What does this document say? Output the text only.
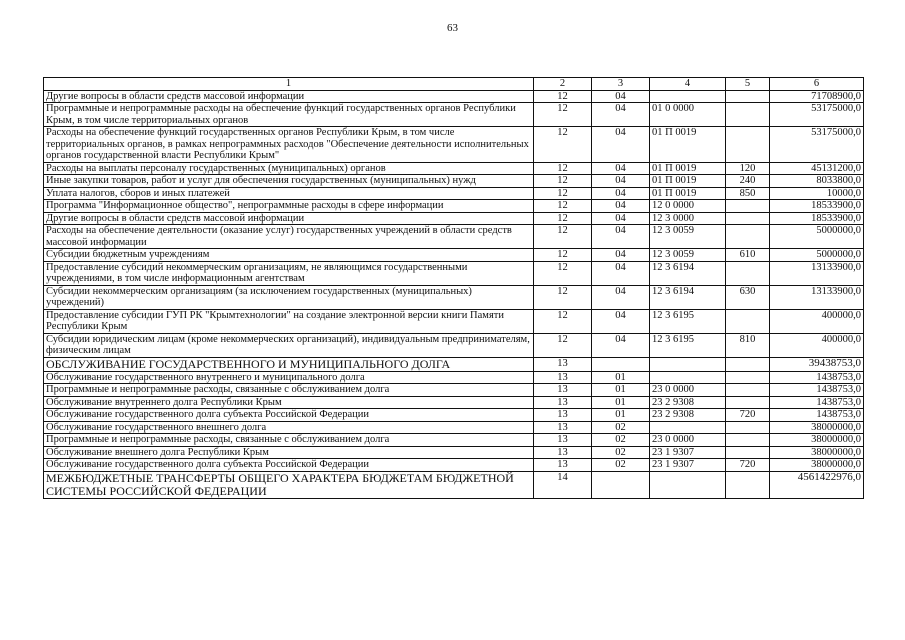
63
1	2	3	4	5	6
Другие вопросы в области средств массовой информации	12	04			71708900,0
Программные и непрограммные расходы на обеспечение функций государственных органов Республики Крым, в том числе территориальных органов	12	04	01 0 0000		53175000,0
Расходы на обеспечение функций государственных органов Республики Крым, в том числе территориальных органов, в рамках непрограммных расходов "Обеспечение деятельности исполнительных органов государственной власти Республики Крым"	12	04	01 П 0019		53175000,0
Расходы на выплаты персоналу государственных (муниципальных) органов	12	04	01 П 0019	120	45131200,0
Иные закупки товаров, работ и услуг для обеспечения государственных (муниципальных) нужд	12	04	01 П 0019	240	8033800,0
Уплата налогов, сборов и иных платежей	12	04	01 П 0019	850	10000,0
Программа "Информационное общество", непрограммные расходы в сфере информации	12	04	12 0 0000		18533900,0
Другие вопросы в области средств массовой информации	12	04	12 3 0000		18533900,0
Расходы на обеспечение деятельности (оказание услуг) государственных учреждений в области средств массовой информации	12	04	12 3 0059		5000000,0
Субсидии бюджетным учреждениям	12	04	12 3 0059	610	5000000,0
Предоставление субсидий некоммерческим организациям, не являющимся государственными учреждениями, в том числе информационным агентствам	12	04	12 3 6194		13133900,0
Субсидии некоммерческим организациям (за исключением государственных (муниципальных) учреждений)	12	04	12 3 6194	630	13133900,0
Предоставление субсидии ГУП РК "Крымтехнологии" на создание электронной версии книги Памяти Республики Крым	12	04	12 3 6195		400000,0
Субсидии юридическим лицам (кроме некоммерческих организаций), индивидуальным предпринимателям, физическим лицам	12	04	12 3 6195	810	400000,0
ОБСЛУЖИВАНИЕ ГОСУДАРСТВЕННОГО И МУНИЦИПАЛЬНОГО ДОЛГА	13				39438753,0
Обслуживание государственного внутреннего и муниципального долга	13	01			1438753,0
Программные и непрограммные расходы, связанные с обслуживанием долга	13	01	23 0 0000		1438753,0
Обслуживание внутреннего долга Республики Крым	13	01	23 2 9308		1438753,0
Обслуживание государственного долга субъекта Российской Федерации	13	01	23 2 9308	720	1438753,0
Обслуживание государственного внешнего долга	13	02			38000000,0
Программные и непрограммные расходы, связанные с обслуживанием долга	13	02	23 0 0000		38000000,0
Обслуживание внешнего долга Республики Крым	13	02	23 1 9307		38000000,0
Обслуживание государственного долга субъекта Российской Федерации	13	02	23 1 9307	720	38000000,0
МЕЖБЮДЖЕТНЫЕ ТРАНСФЕРТЫ ОБЩЕГО ХАРАКТЕРА БЮДЖЕТАМ БЮДЖЕТНОЙ СИСТЕМЫ РОССИЙСКОЙ ФЕДЕРАЦИИ	14				4561422976,0
